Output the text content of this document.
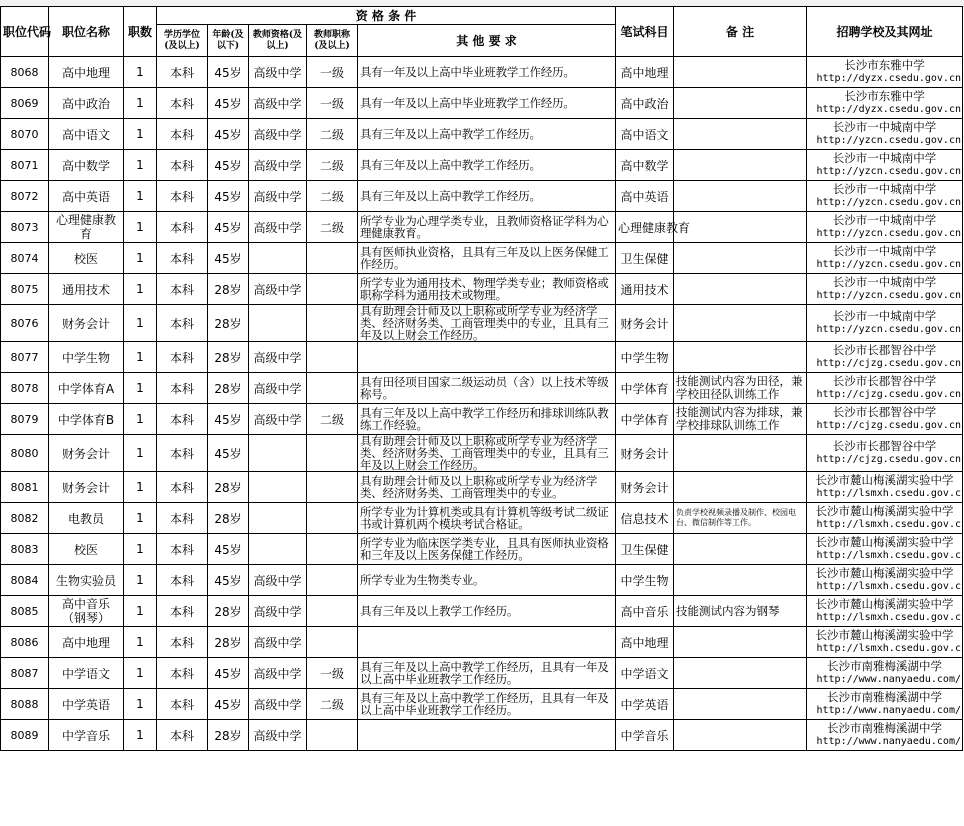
职位代码	职位名称	职数	资 格 条 件					笔试科目	备 注	招聘学校及其网址
			学历学位(及以上)	年龄(及以下)	教师资格(及以上)	教师职称(及以上)	其 他 要 求			
8068	高中地理	1	本科	45岁	高级中学	一级	具有一年及以上高中毕业班教学工作经历。	高中地理		长沙市东雅中学
http://dyzx.csedu.gov.cn

8069	高中政治	1	本科	45岁	高级中学	一级	具有一年及以上高中毕业班教学工作经历。	高中政治		长沙市东雅中学
http://dyzx.csedu.gov.cn

8070	高中语文	1	本科	45岁	高级中学	二级	具有三年及以上高中教学工作经历。	高中语文		长沙市一中城南中学
http://yzcn.csedu.gov.cn

8071	高中数学	1	本科	45岁	高级中学	二级	具有三年及以上高中教学工作经历。	高中数学		长沙市一中城南中学
http://yzcn.csedu.gov.cn

8072	高中英语	1	本科	45岁	高级中学	二级	具有三年及以上高中教学工作经历。	高中英语		长沙市一中城南中学
http://yzcn.csedu.gov.cn

8073	心理健康教育	1	本科	45岁	高级中学	二级	所学专业为心理学类专业，且教师资格证学科为心理健康教育。	心理健康教育		长沙市一中城南中学
http://yzcn.csedu.gov.cn

8074	校医	1	本科	45岁			具有医师执业资格，且具有三年及以上医务保健工作经历。	卫生保健		长沙市一中城南中学
http://yzcn.csedu.gov.cn

8075	通用技术	1	本科	28岁	高级中学		所学专业为通用技术、物理学类专业；教师资格或职称学科为通用技术或物理。	通用技术		长沙市一中城南中学
http://yzcn.csedu.gov.cn

8076	财务会计	1	本科	28岁			具有助理会计师及以上职称或所学专业为经济学类、经济财务类、工商管理类中的专业，且具有三年及以上财会工作经历。	财务会计		长沙市一中城南中学
http://yzcn.csedu.gov.cn

8077	中学生物	1	本科	28岁	高级中学			中学生物		长沙市长郡智谷中学
http://cjzg.csedu.gov.cn

8078	中学体育A	1	本科	28岁	高级中学		具有田径项目国家二级运动员（含）以上技术等级称号。	中学体育	技能测试内容为田径，兼学校田径队训练工作	长沙市长郡智谷中学
http://cjzg.csedu.gov.cn

8079	中学体育B	1	本科	45岁	高级中学	二级	具有三年及以上高中教学工作经历和排球训练队教练工作经验。	中学体育	技能测试内容为排球，兼学校排球队训练工作	长沙市长郡智谷中学
http://cjzg.csedu.gov.cn

8080	财务会计	1	本科	45岁			具有助理会计师及以上职称或所学专业为经济学类、经济财务类、工商管理类中的专业，且具有三年及以上财会工作经历。	财务会计		长沙市长郡智谷中学
http://cjzg.csedu.gov.cn

8081	财务会计	1	本科	28岁			具有助理会计师及以上职称或所学专业为经济学类、经济财务类、工商管理类中的专业。	财务会计		长沙市麓山梅溪湖实验中学
http://lsmxh.csedu.gov.c

8082	电教员	1	本科	28岁			所学专业为计算机类或具有计算机等级考试二级证书或计算机两个模块考试合格证。	信息技术	负责学校视频录播及制作、校园电台、微信制作等工作。	长沙市麓山梅溪湖实验中学
http://lsmxh.csedu.gov.c

8083	校医	1	本科	45岁			所学专业为临床医学类专业，且具有医师执业资格和三年及以上医务保健工作经历。	卫生保健		长沙市麓山梅溪湖实验中学
http://lsmxh.csedu.gov.c

8084	生物实验员	1	本科	45岁	高级中学		所学专业为生物类专业。	中学生物		长沙市麓山梅溪湖实验中学
http://lsmxh.csedu.gov.c

8085	高中音乐（钢琴）	1	本科	28岁	高级中学		具有三年及以上教学工作经历。	高中音乐	技能测试内容为钢琴	长沙市麓山梅溪湖实验中学
http://lsmxh.csedu.gov.c

8086	高中地理	1	本科	28岁	高级中学			高中地理		长沙市麓山梅溪湖实验中学
http://lsmxh.csedu.gov.c

8087	中学语文	1	本科	45岁	高级中学	一级	具有三年及以上高中教学工作经历，且具有一年及以上高中毕业班教学工作经历。	中学语文		长沙市南雅梅溪湖中学
http://www.nanyaedu.com/

8088	中学英语	1	本科	45岁	高级中学	二级	具有三年及以上高中教学工作经历，且具有一年及以上高中毕业班教学工作经历。	中学英语		长沙市南雅梅溪湖中学
http://www.nanyaedu.com/

8089	中学音乐	1	本科	28岁	高级中学			中学音乐		长沙市南雅梅溪湖中学
http://www.nanyaedu.com/
